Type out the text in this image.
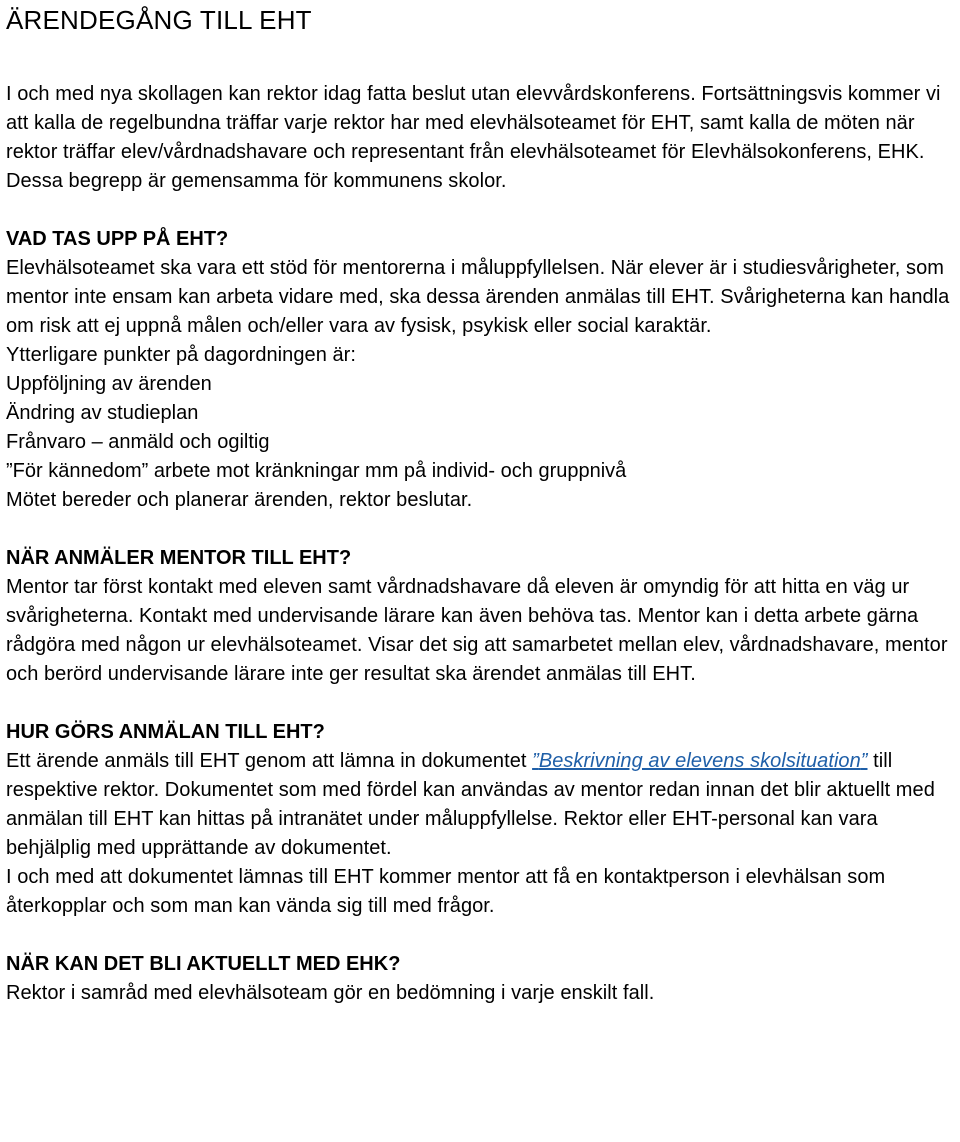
ÄRENDEGÅNG TILL EHT

I och med nya skollagen kan rektor idag fatta beslut utan elevvårdskonferens. Fortsättningsvis kommer vi att kalla de regelbundna träffar varje rektor har med elevhälsoteamet för EHT, samt kalla de möten när rektor träffar elev/vårdnadshavare och representant från elevhälsoteamet för Elevhälsokonferens, EHK. Dessa begrepp är gemensamma för kommunens skolor.

VAD TAS UPP PÅ EHT?

Elevhälsoteamet ska vara ett stöd för mentorerna i måluppfyllelsen. När elever är i studiesvårigheter, som mentor inte ensam kan arbeta vidare med, ska dessa ärenden anmälas till EHT. Svårigheterna kan handla om risk att ej uppnå målen och/eller vara av fysisk, psykisk eller social karaktär.

Ytterligare punkter på dagordningen är:

Uppföljning av ärenden
Ändring av studieplan
Frånvaro – anmäld och ogiltig
”För kännedom” arbete mot kränkningar mm på individ- och gruppnivå

Mötet bereder och planerar ärenden, rektor beslutar.

NÄR ANMÄLER MENTOR TILL EHT?

Mentor tar först kontakt med eleven samt vårdnadshavare då eleven är omyndig för att hitta en väg ur svårigheterna. Kontakt med undervisande lärare kan även behöva tas. Mentor kan i detta arbete gärna rådgöra med någon ur elevhälsoteamet. Visar det sig att samarbetet mellan elev, vårdnadshavare, mentor och berörd undervisande lärare inte ger resultat ska ärendet anmälas till EHT.

HUR GÖRS ANMÄLAN TILL EHT?

Ett ärende anmäls till EHT genom att lämna in dokumentet ”Beskrivning av elevens skolsituation” till respektive rektor. Dokumentet som med fördel kan användas av mentor redan innan det blir aktuellt med anmälan till EHT kan hittas på intranätet under måluppfyllelse. Rektor eller EHT-personal kan vara behjälplig med upprättande av dokumentet.

I och med att dokumentet lämnas till EHT kommer mentor att få en kontaktperson i elevhälsan som återkopplar och som man kan vända sig till med frågor.

NÄR KAN DET BLI AKTUELLT MED EHK?

Rektor i samråd med elevhälsoteam gör en bedömning i varje enskilt fall.
